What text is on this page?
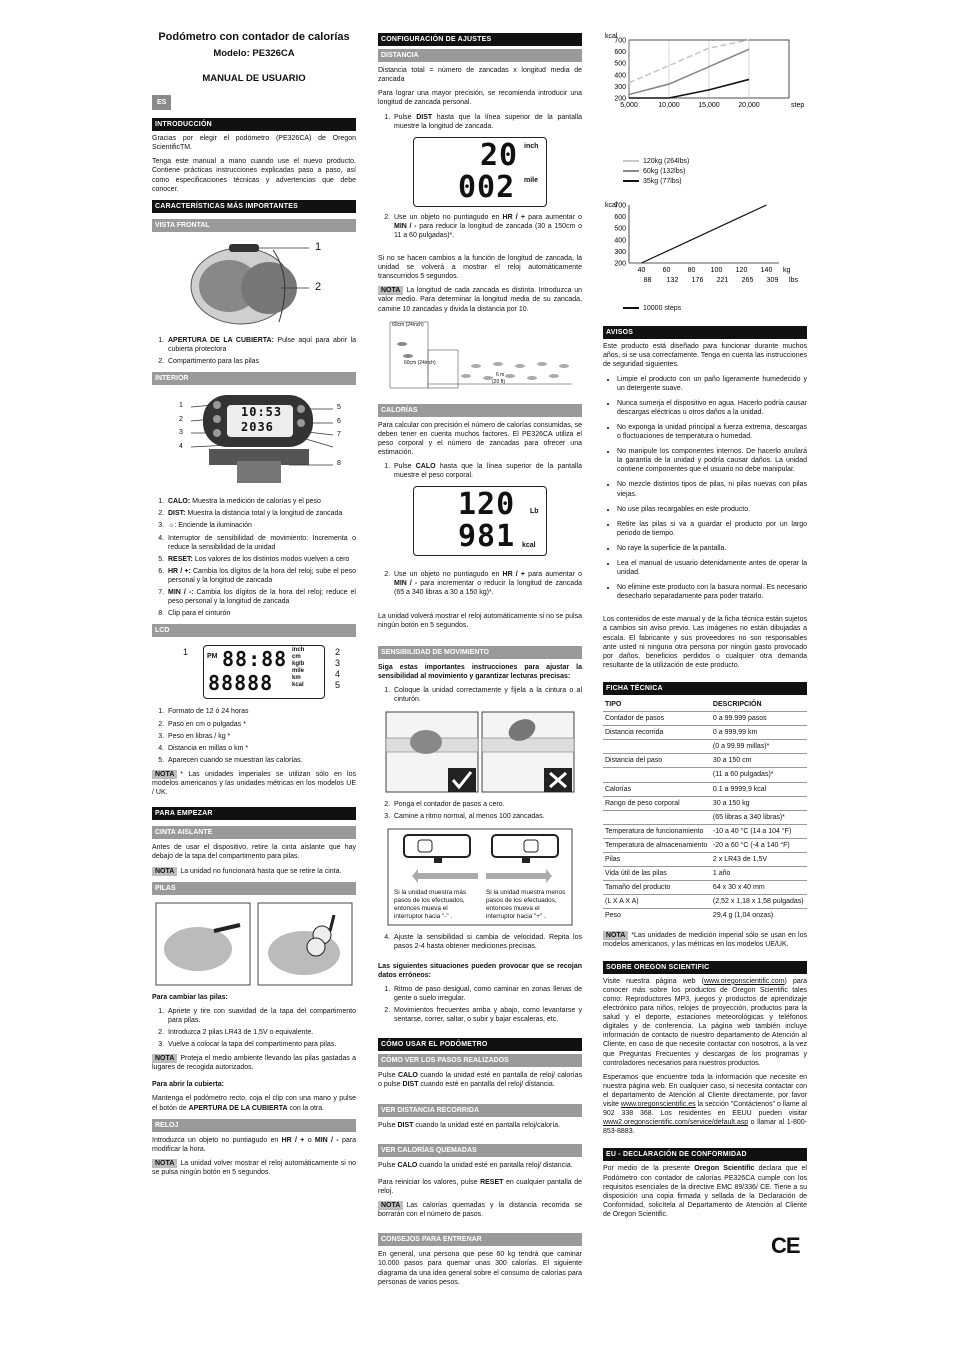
Podómetro con contador de calorías
Modelo: PE326CA
MANUAL DE USUARIO
ES
INTRODUCCIÓN

Gracias por elegir el podómetro (PE326CA) de Oregon ScientificTM.

Tenga este manual a mano cuando use el nuevo producto. Contiene prácticas instrucciones explicadas paso a paso, así como especificaciones técnicas y advertencias que debe conocer.

CARACTERÍSTICAS MÁS IMPORTANTES
VISTA FRONTAL
1
2
1. APERTURA DE LA CUBIERTA: Pulse aquí para abrir la cubierta protectora
2. Compartimento para las pilas
INTERIOR
10:53
2036
1
2
3
4
5
6
7
8
1. CALO: Muestra la medición de calorías y el peso
2. DIST: Muestra la distancia total y la longitud de zancada
3. ☼: Enciende la iluminación
4. Interruptor de sensibilidad de movimiento: Incrementa o reduce la sensibilidad de la unidad
5. RESET: Los valores de los distintos modos vuelven a cero
6. HR / +: Cambia los dígitos de la hora del reloj; sube el peso personal y la longitud de zancada
7. MIN / -: Cambia los dígitos de la hora del reloj; reduce el peso personal y la longitud de zancada
8. Clip para el cinturón
LCD
PM 88:88
88888
inch
cm
kglb
mile
km
kcal
1	2
3
4
5
1. Formato de 12 ó 24 horas
2. Paso en cm o pulgadas *
3. Peso en libras / kg *
4. Distancia en millas o km *
5. Aparecen cuando se muestran las calorías.

NOTA * Las unidades imperiales se utilizan sólo en los modelos americanos y las unidades métricas en los modelos UE / UK.

PARA EMPEZAR
CINTA AISLANTE

Antes de usar el dispositivo, retire la cinta aislante que hay debajo de la tapa del compartimento para pilas.

NOTA La unidad no funcionará hasta que se retire la cinta.

PILAS

Para cambiar las pilas:

1. Apriete y tire con suavidad de la tapa del compartimento para pilas.
2. Introduzca 2 pilas LR43 de 1,5V o equivalente.
3. Vuelve a colocar la tapa del compartimento para pilas.

NOTA Proteja el medio ambiente llevando las pilas gastadas a lugares de recogida autorizados.

Para abrir la cubierta:

Mantenga el podómetro recto, coja el clip con una mano y pulse el botón de APERTURA DE LA CUBIERTA con la otra.

RELOJ

Introduzca un objeto no puntiagudo en HR / + o MIN / - para modificar la hora.

NOTA La unidad volver mostrar el reloj automáticamente si no se pulsa ningún botón en 5 segundos.

CONFIGURACIÓN DE AJUSTES
DISTANCIA

Distancia total = número de zancadas x longitud media de zancada

Para lograr una mayor precisión, se recomienda introducir una longitud de zancada personal.

1. Pulse DIST hasta que la línea superior de la pantalla muestre la longitud de zancada.
20 inch
002 mile
2. Use un objeto no puntiagudo en HR / + para aumentar o MIN / - para reducir la longitud de zancada (30 a 150cm o 11 a 60 pulgadas)*.

Si no se hacen cambios a la función de longitud de zancada, la unidad se volverá a mostrar el reloj automáticamente transcurridos 5 segundos.

NOTA La longitud de cada zancada es distinta. Introduzca un valor medio. Para determinar la longitud media de su zancada, camine 10 zancadas y divida la distancia por 10.

60cm (24inch)
60cm (24inch)
6 m
(20 ft)
CALORÍAS

Para calcular con precisión el número de calorías consumidas, se deben tener en cuenta muchos factores. El PE326CA utiliza el peso corporal y el número de zancadas para ofrecer una estimación.

1. Pulse CALO hasta que la línea superior de la pantalla muestre el peso corporal.
120 Lb
981 kcal
2. Use un objeto no puntiagudo en HR / + para aumentar o MIN / - para incrementar o reducir la longitud de zancada (65 a 340 libras a 30 a 150 kg)*.

La unidad volverá mostrar el reloj automáticamente si no se pulsa ningún botón en 5 segundos.

SENSIBILIDAD DE MOVIMIENTO

Siga estas importantes instrucciones para ajustar la sensibilidad al movimiento y garantizar lecturas precisas:

1. Coloque la unidad correctamente y fíjela a la cintura o al cinturón.
2. Ponga el contador de pasos a cero.
3. Camine a ritmo normal, al menos 100 zancadas.
Si la unidad muestra más pasos de los efectuados, entonces mueva el interruptor hacia "-" .
Si la unidad muestra menos pasos de los efectuados, entonces mueva el interruptor hacia "+" .
4. Ajuste la sensibilidad si cambia de velocidad. Repita los pasos 2-4 hasta obtener mediciones precisas.

Las siguientes situaciones pueden provocar que se recojan datos erróneos:

1. Ritmo de paso desigual, como caminar en zonas llenas de gente o suelo irregular.
2. Movimientos frecuentes arriba y abajo, como levantarse y sentarse, correr, saltar, o subir y bajar escaleras, etc.
CÓMO USAR EL PODÓMETRO
CÓMO VER LOS PASOS REALIZADOS

Pulse CALO cuando la unidad esté en pantalla de reloj/ calorías o pulse DIST cuando esté en pantalla del reloj/ distancia.

VER DISTANCIA RECORRIDA

Pulse DIST cuando la unidad esté en pantalla reloj/caloría.

VER CALORÍAS QUEMADAS

Pulse CALO cuando la unidad esté en pantalla reloj/ distancia.

Para reiniciar los valores, pulse RESET en cualquier pantalla de reloj.

NOTA Las calorías quemadas y la distancia recorrida se borrarán con el número de pasos.

CONSEJOS PARA ENTRENAR

En general, una persona que pese 60 kg tendrá que caminar 10.000 pasos para quemar unas 300 calorías. El siguiente diagrama da una idea general sobre el consumo de calorías para personas de varios pesos.

kcal
700
600
500
400
300
200
5,000	10,000	15,000	20,000	step
120kg (264lbs)
60kg (132lbs)
35kg (77lbs)
kcal
700
600
500
400
300
200
40 60 80 100 120 140
88 132 176 221 265 309
kg
lbs
10000 steps
AVISOS

Este producto está diseñado para funcionar durante muchos años, si se usa correctamente. Tenga en cuenta las instrucciones de seguridad siguientes.

• Limpie el producto con un paño ligeramente humedecido y un detergente suave.
• Nunca sumerja el dispositivo en agua. Hacerlo podría causar descargas eléctricas u otros daños a la unidad.
• No exponga la unidad principal a fuerza extrema, descargas o fluctuaciones de temperatura o humedad.
• No manipule los componentes internos. De hacerlo anulará la garantía de la unidad y podría causar daños. La unidad contiene componentes que el usuario no debe manipular.
• No mezcle distintos tipos de pilas, ni pilas nuevas con pilas viejas.
• No use pilas recargables en este producto.
• Retire las pilas si va a guardar el producto por un largo periodo de tiempo.
• No raye la superficie de la pantalla.
• Lea el manual de usuario detenidamente antes de operar la unidad.
• No elimine este producto con la basura normal. Es necesario desecharlo separadamente para poder tratarlo.

Los contenidos de este manual y de la ficha técnica están sujetos a cambios sin aviso previo. Las imágenes no están dibujadas a escala. El fabricante y sus proveedores no son responsables ante usted ni ninguna otra persona por ningún gasto provocado por daños, beneficios perdidos o cualquier otra demanda resultante de la utilización de este producto.

FICHA TÉCNICA
TIPO	DESCRIPCIÓN
Contador de pasos	0 a 99.999 pasos
Distancia recorrida	0 a 999,99 km
	(0 a 99.99 millas)*
Distancia del paso	30 a 150 cm
	(11 a 60 pulgadas)*
Calorías	0.1 a 9999,9 kcal
Rango de peso corporal	30 a 150 kg
	(65 libras a 340 libras)*
Temperatura de funcionamiento	-10 a 40 °C (14 a 104 °F)
Temperatura de almacenamiento	-20 a 60 °C (-4 a 140 °F)
Pilas	2 x LR43 de 1,5V
Vida útil de las pilas	1 año
Tamaño del producto	64 x 30 x 40 mm
(L X A X A)	(2,52 x 1,18 x 1,58 pulgadas)
Peso	29,4 g (1,04 onzas)

NOTA *Las unidades de medición imperial sólo se usan en los modelos americanos, y las métricas en los modelos UE/UK.

SOBRE OREGON SCIENTIFIC

Visite nuestra página web (www.oregonscientific.com) para conocer más sobre los productos de Oregon Scientific tales como: Reproductores MP3, juegos y productos de aprendizaje electrónico para niños, relojes de proyección, productos para la salud y el deporte, estaciones meteorológicas y teléfonos digitales y de conferencia. La página web también incluye información de contacto de nuestro departamento de Atención al Cliente, en caso de que necesite contactar con nosotros, a la vez que Preguntas Frecuentes y descargas de los programas y controladores necesarios para nuestros productos.

Esperamos que encuentre toda la información que necesite en nuestra página web. En cualquier caso, si necesita contactar con el departamento de Atención al Cliente directamente, por favor visite www.oregonscientific.es la sección "Contáctenos" o llame al 902 338 368. Los residentes en EEUU pueden visitar www2.oregonscientific.com/service/default.asp o llamar al 1-800-853-8883.

EU - DECLARACIÓN DE CONFORMIDAD

Por medio de la presente Oregon Scientific declara que el Podómetro con contador de calorías PE326CA cumple con los requisitos esenciales de la directive EMC 89/336/ CE. Tiene a su disposición una copia firmada y sellada de la Declaración de Conformidad, solicítela al Departamento de Atención al Cliente de Oregon Scientific.

CE
